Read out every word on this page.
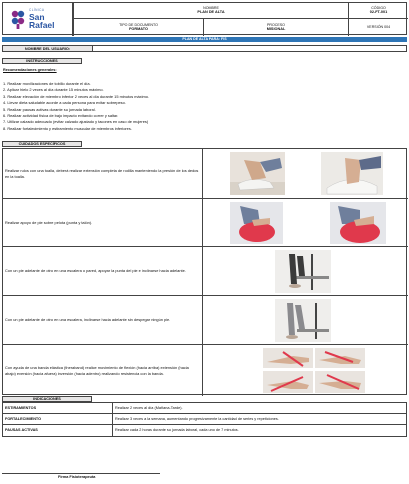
CLÍNICA
San
Rafael
NOMBRE
PLAN DE ALTA
CÓDIGO
02-FT-001
TIPO DE DOCUMENTO
FORMATO
PROCESO
MISIONAL
VERSIÓN 004
PLAN DE ALTA PARA: FIS
NOMBRE DEL USUARIO:
INSTRUCCIONES
Recomendaciones generales:
1. Realizar movilizaciones de tobillo durante el día.
2. Aplicar hielo 2 veces al día durante 15 minutos máximo.
3. Realizar elevación de miembro inferior 2 veces al día durante 15 minutos máximo.
4. Llevar dieta saludable acorde a cada persona para evitar sobrepeso.
5. Realizar pausas activas durante su jornada laboral.
6. Realizar actividad física de bajo impacto evitando correr y saltar.
7. Utilizar calzado adecuado (evitar calzado ajustado y tacones en caso de mujeres)
8. Realizar fortalecimiento y estiramiento muscular de miembros inferiores.
CUIDADOS ESPECÍFICOS
Realizar rulos con una toalla, deberá realizar extensión completa de rodilla manteniendo la presión de los dedos en la toalla.
Realizar apoyo de pie sobre pelota (punta y talón).
Con un pie adelante de otro en una escalera o pared, apoyar la punta del pie e inclinarse hacia adelante.
Con un pie adelante de otro en una escalera, inclinarse hacia adelante sin despegar ningún pie.
Con ayuda de una banda elástica (theraband) realice movimiento de flexión (hacia arriba) extensión (hacia abajo) eversión (hacia afuera) inversión (hacia adentro) realizando resistencia con la banda.
INDICACIONES
ESTIRAMIENTOS	Realizar 2 veces al día (Mañana-Tarde).
FORTALECIMIENTO	Realizar 3 veces a la semana, aumentando progresivamente la cantidad de series y repeticiones.
PAUSAS ACTIVAS	Realizar cada 2 horas durante su jornada laboral, cada uno de 7 minutos.
Firma Fisioterapeuta
